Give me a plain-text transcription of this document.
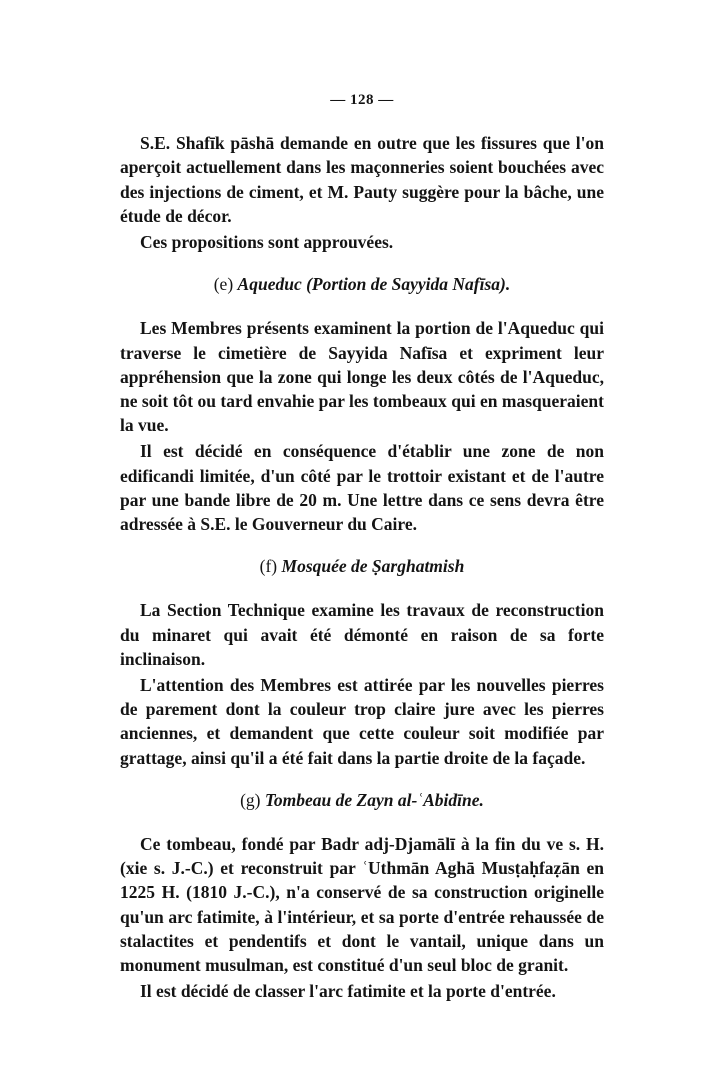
— 128 —

S.E. Shafīk pāshā demande en outre que les fissures que l'on aperçoit actuellement dans les maçonneries soient bouchées avec des injections de ciment, et M. Pauty suggère pour la bâche, une étude de décor.

Ces propositions sont approuvées.

(e) Aqueduc (Portion de Sayyida Nafīsa).

Les Membres présents examinent la portion de l'Aqueduc qui traverse le cimetière de Sayyida Nafīsa et expriment leur appréhension que la zone qui longe les deux côtés de l'Aqueduc, ne soit tôt ou tard envahie par les tombeaux qui en masqueraient la vue.

Il est décidé en conséquence d'établir une zone de non edificandi limitée, d'un côté par le trottoir existant et de l'autre par une bande libre de 20 m. Une lettre dans ce sens devra être adressée à S.E. le Gouverneur du Caire.

(f) Mosquée de Ṣarghatmish

La Section Technique examine les travaux de reconstruction du minaret qui avait été démonté en raison de sa forte inclinaison.

L'attention des Membres est attirée par les nouvelles pierres de parement dont la couleur trop claire jure avec les pierres anciennes, et demandent que cette couleur soit modifiée par grattage, ainsi qu'il a été fait dans la partie droite de la façade.

(g) Tombeau de Zayn al-ʿAbidīne.

Ce tombeau, fondé par Badr adj-Djamālī à la fin du ve s. H. (xie s. J.-C.) et reconstruit par ʿUthmān Aghā Musṭaḥfaẓān en 1225 H. (1810 J.-C.), n'a conservé de sa construction originelle qu'un arc fatimite, à l'intérieur, et sa porte d'entrée rehaussée de stalactites et pendentifs et dont le vantail, unique dans un monument musulman, est constitué d'un seul bloc de granit.

Il est décidé de classer l'arc fatimite et la porte d'entrée.
